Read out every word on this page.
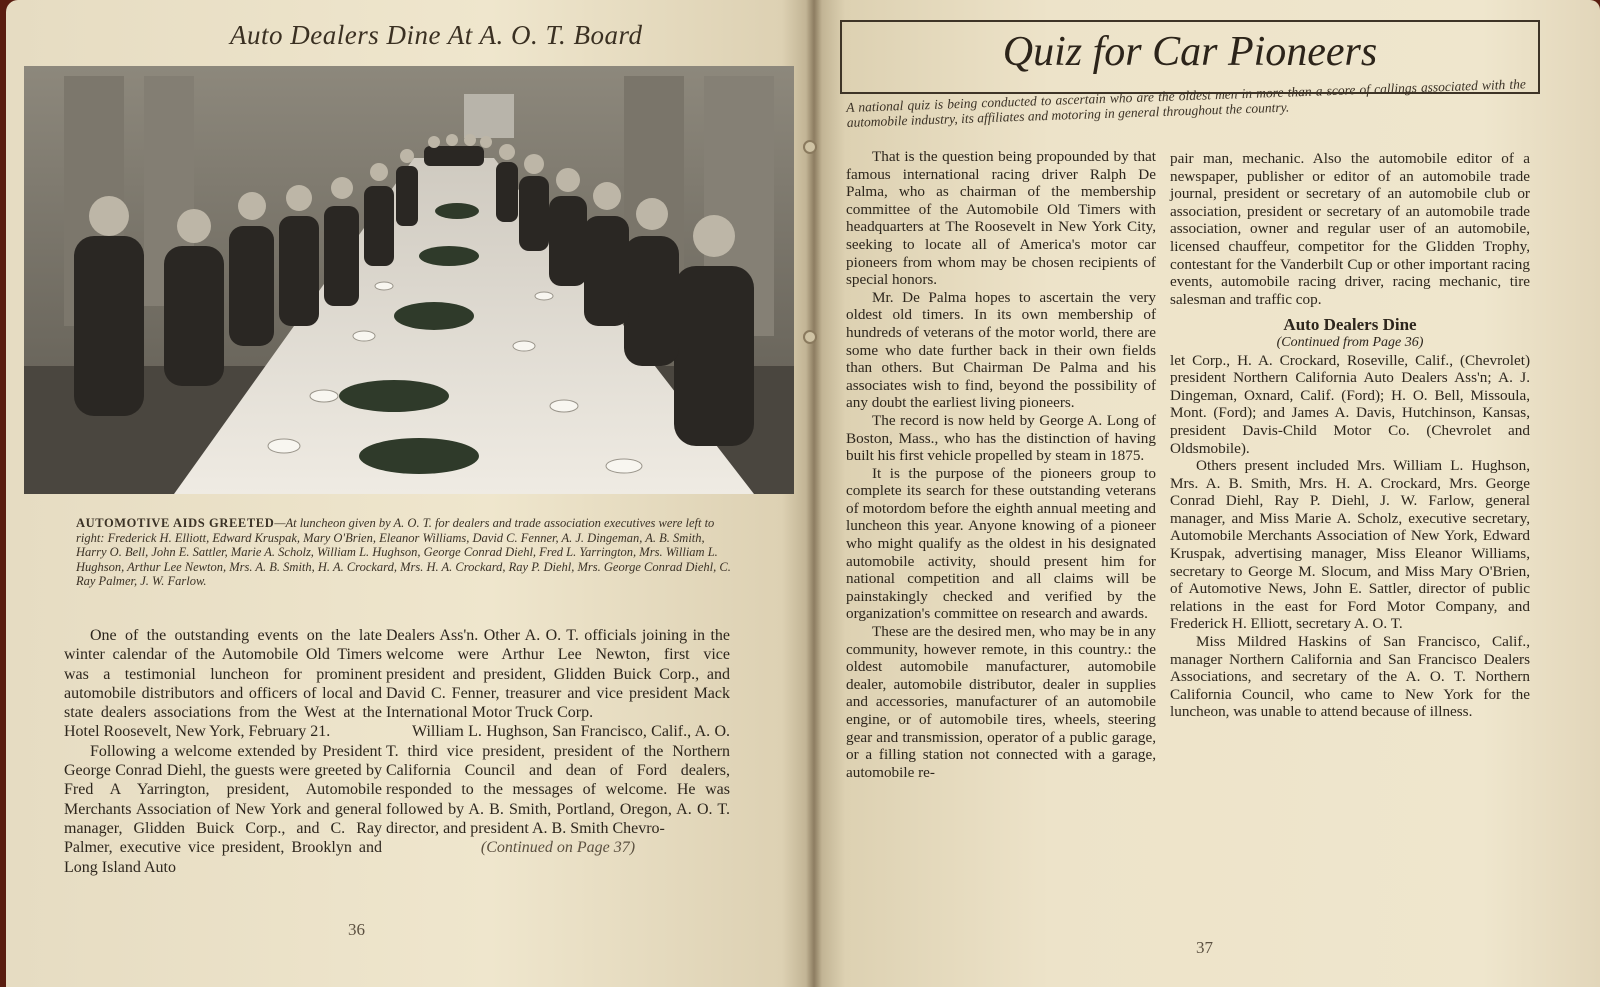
Auto Dealers Dine At A. O. T. Board
AUTOMOTIVE AIDS GREETED—At luncheon given by A. O. T. for dealers and trade association executives were left to right: Frederick H. Elliott, Edward Kruspak, Mary O'Brien, Eleanor Williams, David C. Fenner, A. J. Dingeman, A. B. Smith, Harry O. Bell, John E. Sattler, Marie A. Scholz, William L. Hughson, George Conrad Diehl, Fred L. Yarrington, Mrs. William L. Hughson, Arthur Lee Newton, Mrs. A. B. Smith, H. A. Crockard, Mrs. H. A. Crockard, Ray P. Diehl, Mrs. George Conrad Diehl, C. Ray Palmer, J. W. Farlow.

One of the outstanding events on the late winter calendar of the Automobile Old Timers was a testimonial luncheon for prominent automobile distributors and officers of local and state dealers associations from the West at the Hotel Roosevelt, New York, February 21.

Following a welcome extended by President George Conrad Diehl, the guests were greeted by Fred A Yarrington, president, Automobile Merchants Association of New York and general manager, Glidden Buick Corp., and C. Ray Palmer, executive vice president, Brooklyn and Long Island Auto

Dealers Ass'n. Other A. O. T. officials joining in the welcome were Arthur Lee Newton, first vice president and president, Glidden Buick Corp., and David C. Fenner, treasurer and vice president Mack International Motor Truck Corp.

William L. Hughson, San Francisco, Calif., A. O. T. third vice president, president of the Northern California Council and dean of Ford dealers, responded to the messages of welcome. He was followed by A. B. Smith, Portland, Oregon, A. O. T. director, and president A. B. Smith Chevro-

(Continued on Page 37)

36
Quiz for Car Pioneers
A national quiz is being conducted to ascertain who are the oldest men in more than a score of callings associated with the automobile industry, its affiliates and motoring in general throughout the country.

That is the question being propounded by that famous international racing driver Ralph De Palma, who as chairman of the membership committee of the Automobile Old Timers with headquarters at The Roosevelt in New York City, seeking to locate all of America's motor car pioneers from whom may be chosen recipients of special honors.

Mr. De Palma hopes to ascertain the very oldest old timers. In its own membership of hundreds of veterans of the motor world, there are some who date further back in their own fields than others. But Chairman De Palma and his associates wish to find, beyond the possibility of any doubt the earliest living pioneers.

The record is now held by George A. Long of Boston, Mass., who has the distinction of having built his first vehicle propelled by steam in 1875.

It is the purpose of the pioneers group to complete its search for these outstanding veterans of motordom before the eighth annual meeting and luncheon this year. Anyone knowing of a pioneer who might qualify as the oldest in his designated automobile activity, should present him for national competition and all claims will be painstakingly checked and verified by the organization's committee on research and awards.

These are the desired men, who may be in any community, however remote, in this country.: the oldest automobile manufacturer, automobile dealer, automobile distributor, dealer in supplies and accessories, manufacturer of an automobile engine, or of automobile tires, wheels, steering gear and transmission, operator of a public garage, or a filling station not connected with a garage, automobile re-

pair man, mechanic. Also the automobile editor of a newspaper, publisher or editor of an automobile trade journal, president or secretary of an automobile club or association, president or secretary of an automobile trade association, owner and regular user of an automobile, licensed chauffeur, competitor for the Glidden Trophy, contestant for the Vanderbilt Cup or other important racing events, automobile racing driver, racing mechanic, tire salesman and traffic cop.

Auto Dealers Dine

(Continued from Page 36)

let Corp., H. A. Crockard, Roseville, Calif., (Chevrolet) president Northern California Auto Dealers Ass'n; A. J. Dingeman, Oxnard, Calif. (Ford); H. O. Bell, Missoula, Mont. (Ford); and James A. Davis, Hutchinson, Kansas, president Davis-Child Motor Co. (Chevrolet and Oldsmobile).

Others present included Mrs. William L. Hughson, Mrs. A. B. Smith, Mrs. H. A. Crockard, Mrs. George Conrad Diehl, Ray P. Diehl, J. W. Farlow, general manager, and Miss Marie A. Scholz, executive secretary, Automobile Merchants Association of New York, Edward Kruspak, advertising manager, Miss Eleanor Williams, secretary to George M. Slocum, and Miss Mary O'Brien, of Automotive News, John E. Sattler, director of public relations in the east for Ford Motor Company, and Frederick H. Elliott, secretary A. O. T.

Miss Mildred Haskins of San Francisco, Calif., manager Northern California and San Francisco Dealers Associations, and secretary of the A. O. T. Northern California Council, who came to New York for the luncheon, was unable to attend because of illness.

37
